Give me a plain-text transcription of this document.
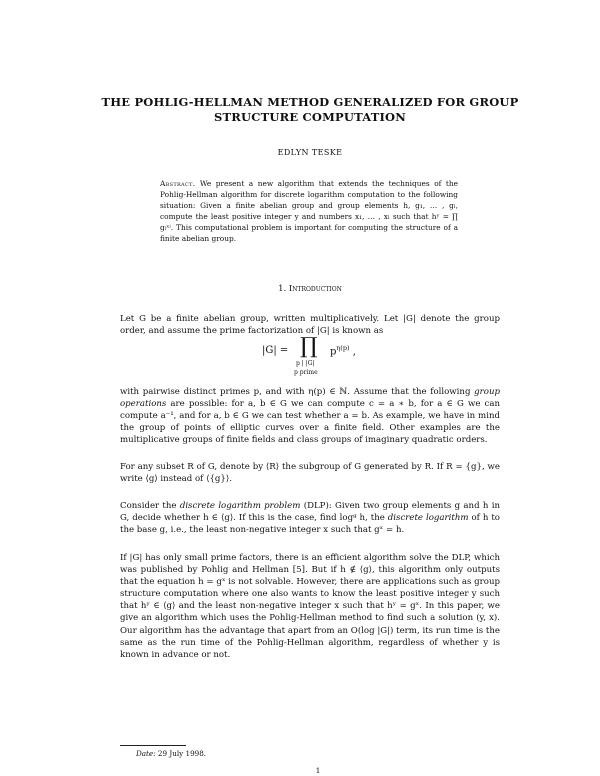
THE POHLIG-HELLMAN METHOD GENERALIZED FOR GROUP
STRUCTURE COMPUTATION
EDLYN TESKE
Abstract. We present a new algorithm that extends the techniques of the Pohlig-Hellman algorithm for discrete logarithm computation to the following situation: Given a finite abelian group and group elements h, g₁, … , gₗ, compute the least positive integer y and numbers x₁, … , xₗ such that hʸ = ∏ gᵢˣⁱ. This computational problem is important for computing the structure of a finite abelian group.
1. Introduction
Let G be a finite abelian group, written multiplicatively. Let |G| denote the group order, and assume the prime factorization of |G| is known as
|G| = ∏ $p^{\eta(p)}$ ,
p | |G|
p prime
with pairwise distinct primes p, and with η(p) ∈ ℕ. Assume that the following group operations are possible: for a, b ∈ G we can compute c = a ∗ b, for a ∈ G we can compute a⁻¹, and for a, b ∈ G we can test whether a = b. As example, we have in mind the group of points of elliptic curves over a finite field. Other examples are the multiplicative groups of finite fields and class groups of imaginary quadratic orders.
For any subset R of G, denote by ⟨R⟩ the subgroup of G generated by R. If R = {g}, we write ⟨g⟩ instead of ⟨{g}⟩.
Consider the discrete logarithm problem (DLP): Given two group elements g and h in G, decide whether h ∈ ⟨g⟩. If this is the case, find logᵍ h, the discrete logarithm of h to the base g, i.e., the least non-negative integer x such that gˣ = h.
If |G| has only small prime factors, there is an efficient algorithm solve the DLP, which was published by Pohlig and Hellman [5]. But if h ∉ ⟨g⟩, this algorithm only outputs that the equation h = gˣ is not solvable. However, there are applications such as group structure computation where one also wants to know the least positive integer y such that hʸ ∈ ⟨g⟩ and the least non-negative integer x such that hʸ = gˣ. In this paper, we give an algorithm which uses the Pohlig-Hellman method to find such a solution (y, x). Our algorithm has the advantage that apart from an O(log |G|) term, its run time is the same as the run time of the Pohlig-Hellman algorithm, regardless of whether y is known in advance or not.
Date: 29 July 1998.
1
